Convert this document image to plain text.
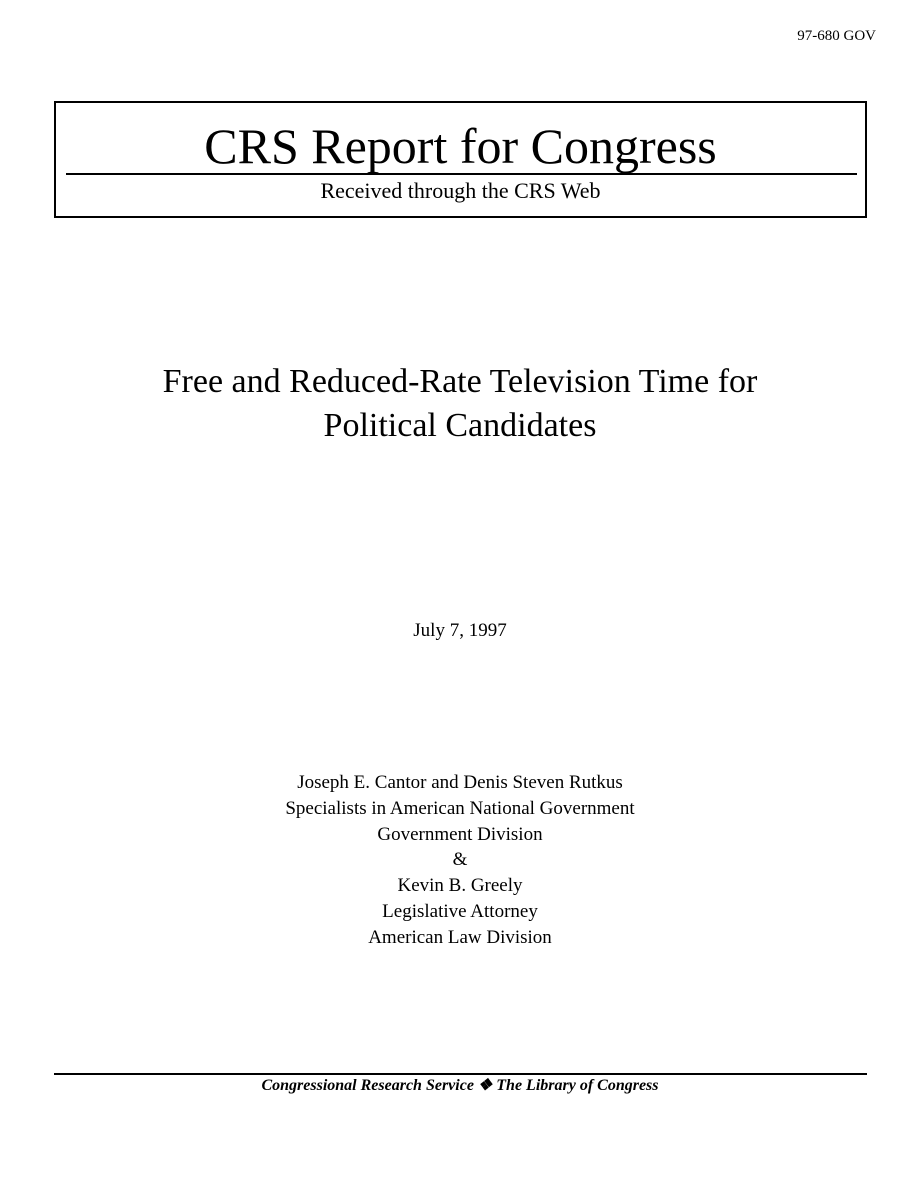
97-680 GOV
CRS Report for Congress
Received through the CRS Web
Free and Reduced-Rate Television Time for
Political Candidates
July 7, 1997
Joseph E. Cantor and Denis Steven Rutkus
Specialists in American National Government
Government Division
&
Kevin B. Greely
Legislative Attorney
American Law Division
Congressional Research Service ❖ The Library of Congress
